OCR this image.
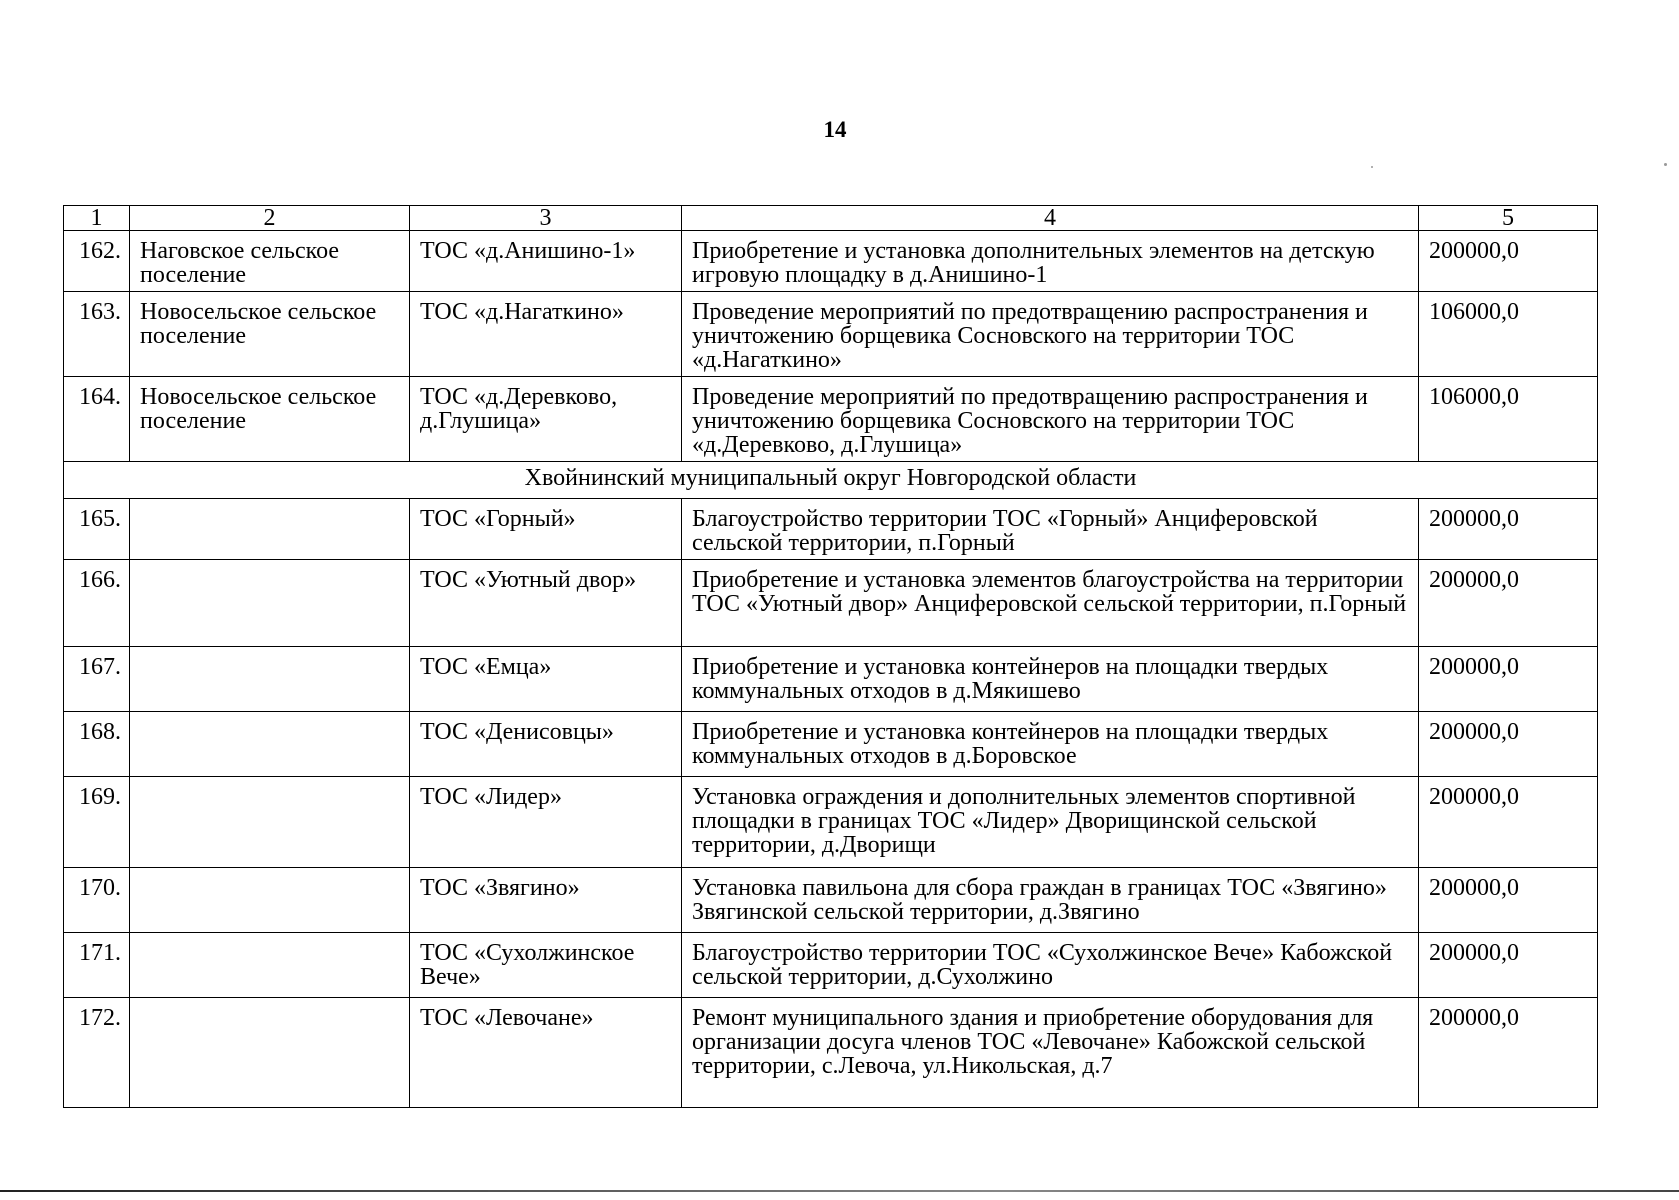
14
1	2	3	4	5
162.	Наговское сельское поселение	ТОС «д.Анишино-1»	Приобретение и установка дополнительных элементов на детскую игровую площадку в д.Анишино-1	200000,0
163.	Новосельское сельское поселение	ТОС «д.Нагаткино»	Проведение мероприятий по предотвращению распространения и уничтожению борщевика Сосновского на территории ТОС «д.Нагаткино»	106000,0
164.	Новосельское сельское поселение	ТОС «д.Деревково, д.Глушица»	Проведение мероприятий по предотвращению распространения и уничтожению борщевика Сосновского на территории ТОС «д.Деревково, д.Глушица»	106000,0
Хвойнинский муниципальный округ Новгородской области				
165.		ТОС «Горный»	Благоустройство территории ТОС «Горный» Анциферовской сельской территории, п.Горный	200000,0
166.		ТОС «Уютный двор»	Приобретение и установка элементов благоустройства на территории ТОС «Уютный двор» Анциферовской сельской территории, п.Горный	200000,0
167.		ТОС «Емца»	Приобретение и установка контейнеров на площадки твердых коммунальных отходов в д.Мякишево	200000,0
168.		ТОС «Денисовцы»	Приобретение и установка контейнеров на площадки твердых коммунальных отходов в д.Боровское	200000,0
169.		ТОС «Лидер»	Установка ограждения и дополнительных элементов спортивной площадки в границах ТОС «Лидер» Дворищинской сельской территории, д.Дворищи	200000,0
170.		ТОС «Звягино»	Установка павильона для сбора граждан в границах ТОС «Звягино» Звягинской сельской территории, д.Звягино	200000,0
171.		ТОС «Сухолжинское Вече»	Благоустройство территории ТОС «Сухолжинское Вече» Кабожской сельской территории, д.Сухолжино	200000,0
172.		ТОС «Левочане»	Ремонт муниципального здания и приобретение оборудования для организации досуга членов ТОС «Левочане» Кабожской сельской территории, с.Левоча, ул.Никольская, д.7	200000,0
